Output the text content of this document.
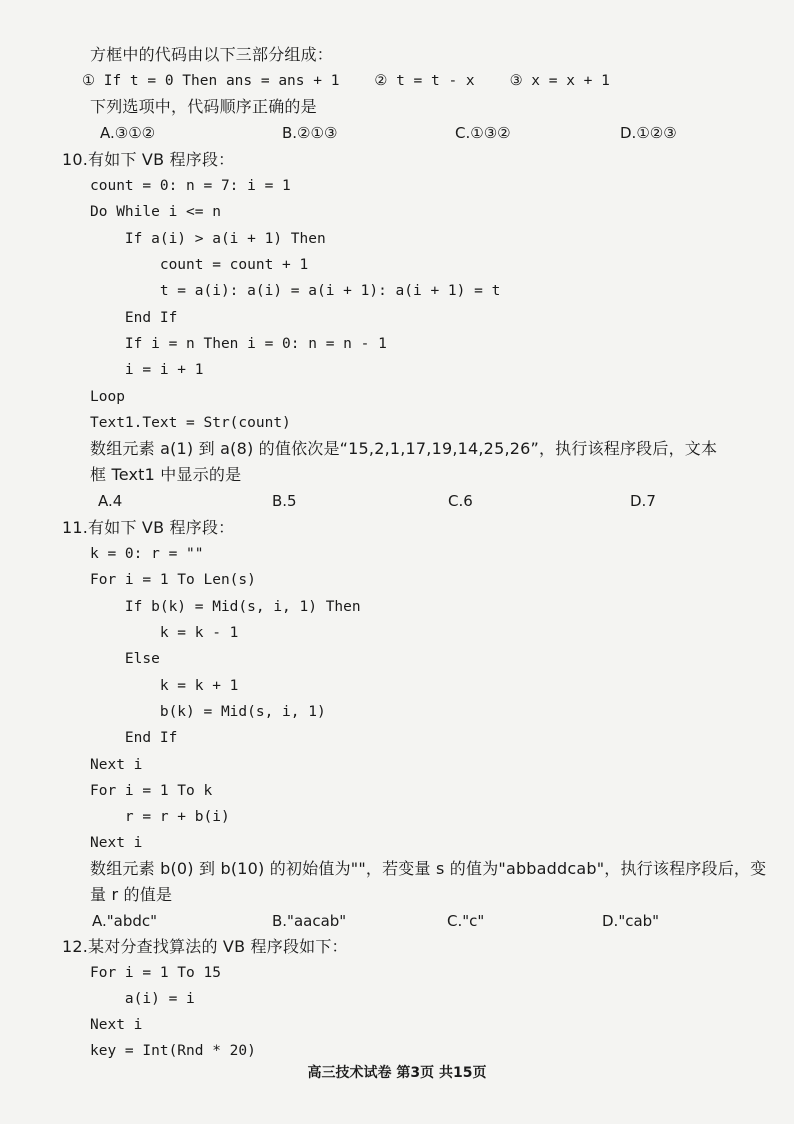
方框中的代码由以下三部分组成：
① If t = 0 Then ans = ans + 1    ② t = t - x    ③ x = x + 1
下列选项中，代码顺序正确的是
A.③①②	B.②①③	C.①③②	D.①②③
10.有如下 VB 程序段：
count = 0: n = 7: i = 1
Do While i <= n
If a(i) > a(i + 1) Then
count = count + 1
t = a(i): a(i) = a(i + 1): a(i + 1) = t
End If
If i = n Then i = 0: n = n - 1
i = i + 1
Loop
Text1.Text = Str(count)
数组元素 a(1) 到 a(8) 的值依次是“15,2,1,17,19,14,25,26”，执行该程序段后，文本
框 Text1 中显示的是
A.4	B.5	C.6	D.7
11.有如下 VB 程序段：
k = 0: r = ""
For i = 1 To Len(s)
If b(k) = Mid(s, i, 1) Then
k = k - 1
Else
k = k + 1
b(k) = Mid(s, i, 1)
End If
Next i
For i = 1 To k
r = r + b(i)
Next i
数组元素 b(0) 到 b(10) 的初始值为""，若变量 s 的值为"abbaddcab"，执行该程序段后，变
量 r 的值是
A."abdc"	B."aacab"	C."c"	D."cab"
12.某对分查找算法的 VB 程序段如下：
For i = 1 To 15
a(i) = i
Next i
key = Int(Rnd * 20)
高三技术试卷 第3页 共15页
